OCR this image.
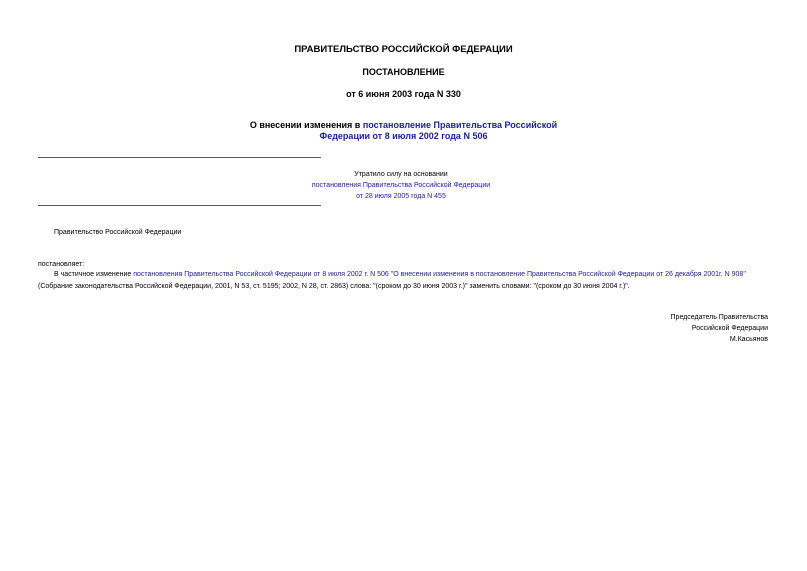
ПРАВИТЕЛЬСТВО РОССИЙСКОЙ ФЕДЕРАЦИИ
ПОСТАНОВЛЕНИЕ
от 6 июня 2003 года N 330
О внесении изменения в постановление Правительства Российской
Федерации от 8 июля 2002 года N 506
Утратило силу на основании
постановления Правительства Российской Федерации
от 28 июля 2005 года N 455
Правительство Российской Федерации
постановляет:
В частичное изменение постановления Правительства Российской Федерации от 8 июля 2002 г. N 506 "О внесении изменения в постановление Правительства Российской Федерации от 26 декабря 2001г. N 908"
(Собрание законодательства Российской Федерации, 2001, N 53, ст. 5195; 2002, N 28, ст. 2863) слова: "(сроком до 30 июня 2003 г.)" заменить словами: "(сроком до 30 июня 2004 г.)".
Председатель Правительства
Российской Федерации
М.Касьянов
